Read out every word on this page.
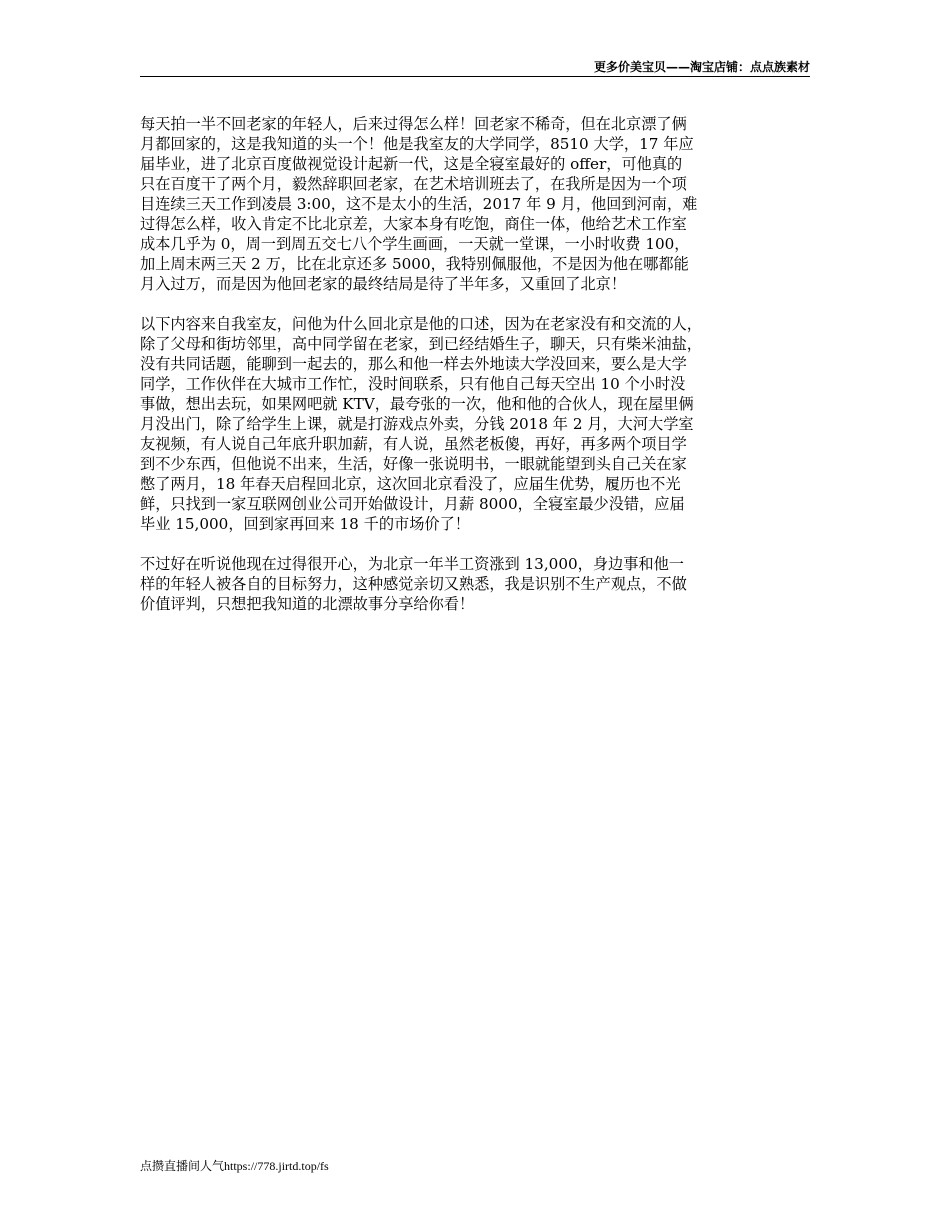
更多价美宝贝——淘宝店铺：点点族素材

每天拍一半不回老家的年轻人，后来过得怎么样！回老家不稀奇，但在北京漂了俩
月都回家的，这是我知道的头一个！他是我室友的大学同学，8510 大学，17 年应
届毕业，进了北京百度做视觉设计起新一代，这是全寝室最好的 offer，可他真的
只在百度干了两个月，毅然辞职回老家，在艺术培训班去了，在我所是因为一个项
目连续三天工作到凌晨 3:00，这不是太小的生活，2017 年 9 月，他回到河南，难
过得怎么样，收入肯定不比北京差，大家本身有吃饱，商住一体，他给艺术工作室
成本几乎为 0，周一到周五交七八个学生画画，一天就一堂课，一小时收费 100，
加上周末两三天 2 万，比在北京还多 5000，我特别佩服他，不是因为他在哪都能
月入过万，而是因为他回老家的最终结局是待了半年多，又重回了北京！

以下内容来自我室友，问他为什么回北京是他的口述，因为在老家没有和交流的人，
除了父母和街坊邻里，高中同学留在老家，到已经结婚生子，聊天，只有柴米油盐，
没有共同话题，能聊到一起去的，那么和他一样去外地读大学没回来，要么是大学
同学，工作伙伴在大城市工作忙，没时间联系，只有他自己每天空出 10 个小时没
事做，想出去玩，如果网吧就 KTV，最夸张的一次，他和他的合伙人，现在屋里俩
月没出门，除了给学生上课，就是打游戏点外卖，分钱 2018 年 2 月，大河大学室
友视频，有人说自己年底升职加薪，有人说，虽然老板傻，再好，再多两个项目学
到不少东西，但他说不出来，生活，好像一张说明书，一眼就能望到头自己关在家
憋了两月，18 年春天启程回北京，这次回北京看没了，应届生优势，履历也不光
鲜，只找到一家互联网创业公司开始做设计，月薪 8000，全寝室最少没错，应届
毕业 15,000，回到家再回来 18 千的市场价了！

不过好在听说他现在过得很开心，为北京一年半工资涨到 13,000，身边事和他一
样的年轻人被各自的目标努力，这种感觉亲切又熟悉，我是识别不生产观点，不做
价值评判，只想把我知道的北漂故事分享给你看！

点攒直播间人气https://778.jirtd.top/fs
